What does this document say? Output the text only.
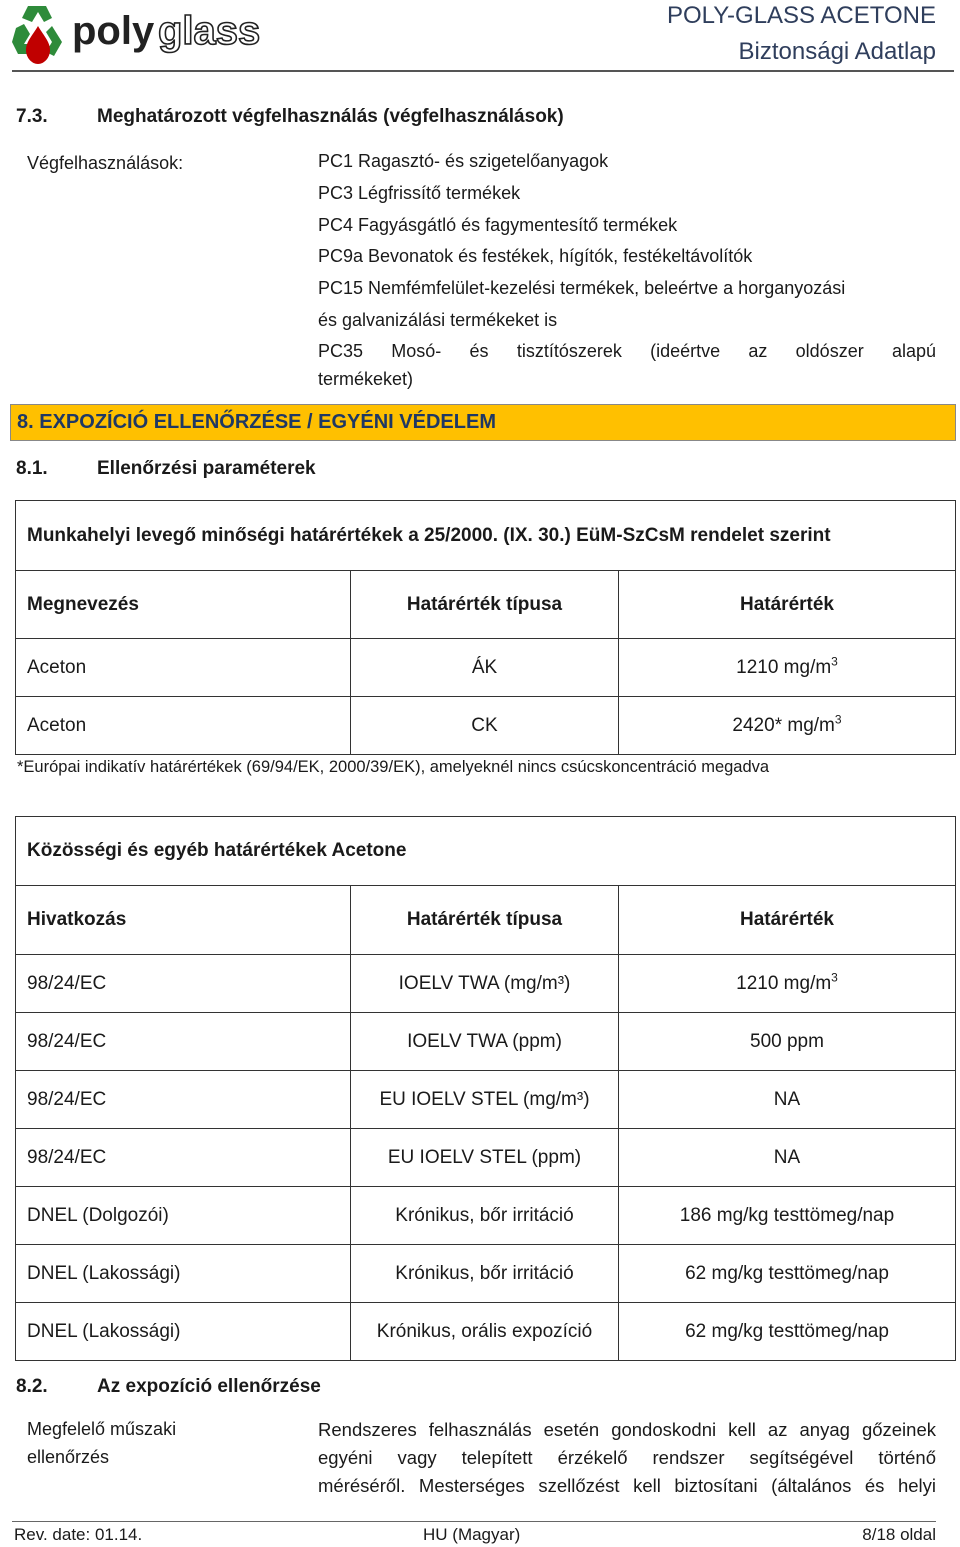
poly glass	POLY-GLASS ACETONE
Biztonsági Adatlap
7.3.	Meghatározott végfelhasználás (végfelhasználások)
Végfelhasználások:	PC1 Ragasztó- és szigetelőanyagok
PC3 Légfrissítő termékek
PC4 Fagyásgátló és fagymentesítő termékek
PC9a Bevonatok és festékek, hígítók, festékeltávolítók
PC15 Nemfémfelület-kezelési termékek, beleértve a horganyozási
és galvanizálási termékeket is
PC35 Mosó- és tisztítószerek (ideértve az oldószer alapú
termékeket)
8. EXPOZÍCIÓ ELLENŐRZÉSE / EGYÉNI VÉDELEM
8.1.	Ellenőrzési paraméterek
Munkahelyi levegő minőségi határértékek a 25/2000. (IX. 30.) EüM-SzCsM rendelet szerint		
Megnevezés	Határérték típusa	Határérték
Aceton	ÁK	1210 $mg/m^3$
Aceton	CK	2420* $mg/m^3$
*Európai indikatív határértékek (69/94/EK, 2000/39/EK), amelyeknél nincs csúcskoncentráció megadva
Közösségi és egyéb határértékek Acetone		
Hivatkozás	Határérték típusa	Határérték
98/24/EC	IOELV TWA (mg/m³)	1210 $mg/m^3$
98/24/EC	IOELV TWA (ppm)	500 ppm
98/24/EC	EU IOELV STEL (mg/m³)	NA
98/24/EC	EU IOELV STEL (ppm)	NA
DNEL (Dolgozói)	Krónikus, bőr irritáció	186 mg/kg testtömeg/nap
DNEL (Lakossági)	Krónikus, bőr irritáció	62 mg/kg testtömeg/nap
DNEL (Lakossági)	Krónikus, orális expozíció	62 mg/kg testtömeg/nap
8.2.	Az expozíció ellenőrzése
Megfelelő műszaki
ellenőrzés
Rendszeres felhasználás esetén gondoskodni kell az anyag gőzeinek
egyéni vagy telepített érzékelő rendszer segítségével történő
méréséről. Mesterséges szellőzést kell biztosítani (általános és helyi
Rev. date: 01.14.	HU (Magyar)	8/18 oldal
